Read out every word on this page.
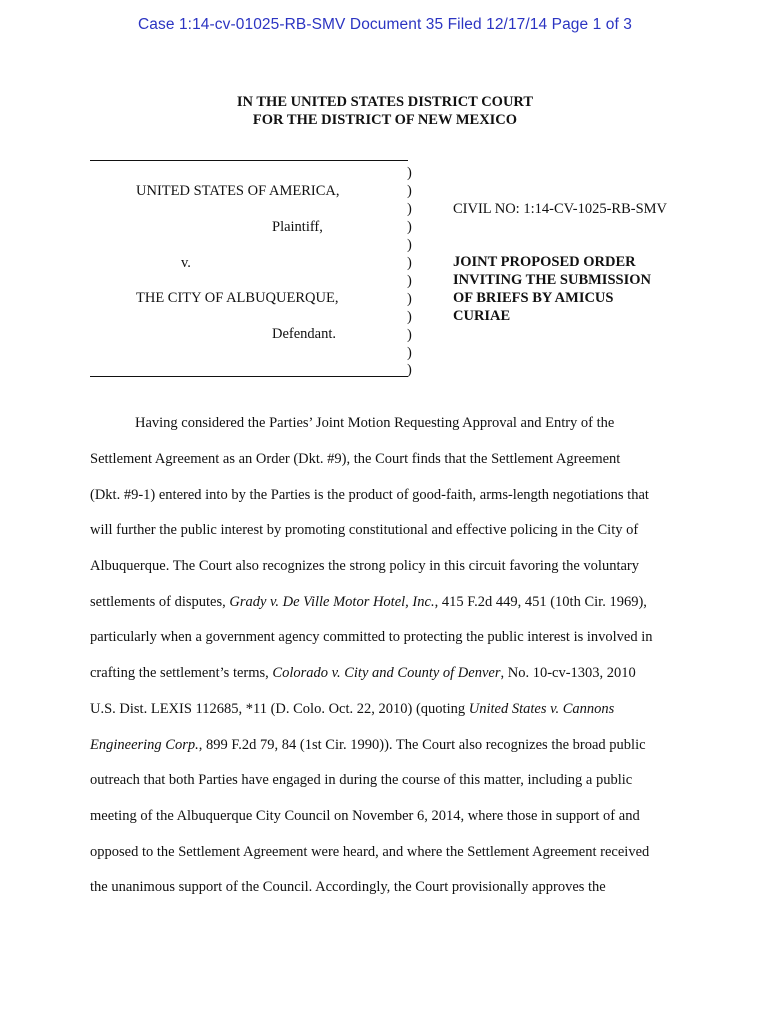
Case 1:14-cv-01025-RB-SMV Document 35 Filed 12/17/14 Page 1 of 3
IN THE UNITED STATES DISTRICT COURT
FOR THE DISTRICT OF NEW MEXICO
)
)
)
)
)
)
)
)
)
)
)
)
UNITED STATES OF AMERICA,
Plaintiff,
v.
THE CITY OF ALBUQUERQUE,
Defendant.
CIVIL NO: 1:14-CV-1025-RB-SMV
JOINT PROPOSED ORDER
INVITING THE SUBMISSION
OF BRIEFS BY AMICUS
CURIAE
Having considered the Parties’ Joint Motion Requesting Approval and Entry of the
Settlement Agreement as an Order (Dkt. #9), the Court finds that the Settlement Agreement
(Dkt. #9-1) entered into by the Parties is the product of good-faith, arms-length negotiations that
will further the public interest by promoting constitutional and effective policing in the City of
Albuquerque. The Court also recognizes the strong policy in this circuit favoring the voluntary
settlements of disputes, Grady v. De Ville Motor Hotel, Inc., 415 F.2d 449, 451 (10th Cir. 1969),
particularly when a government agency committed to protecting the public interest is involved in
crafting the settlement’s terms, Colorado v. City and County of Denver, No. 10-cv-1303, 2010
U.S. Dist. LEXIS 112685, *11 (D. Colo. Oct. 22, 2010) (quoting United States v. Cannons
Engineering Corp., 899 F.2d 79, 84 (1st Cir. 1990)). The Court also recognizes the broad public
outreach that both Parties have engaged in during the course of this matter, including a public
meeting of the Albuquerque City Council on November 6, 2014, where those in support of and
opposed to the Settlement Agreement were heard, and where the Settlement Agreement received
the unanimous support of the Council. Accordingly, the Court provisionally approves the
